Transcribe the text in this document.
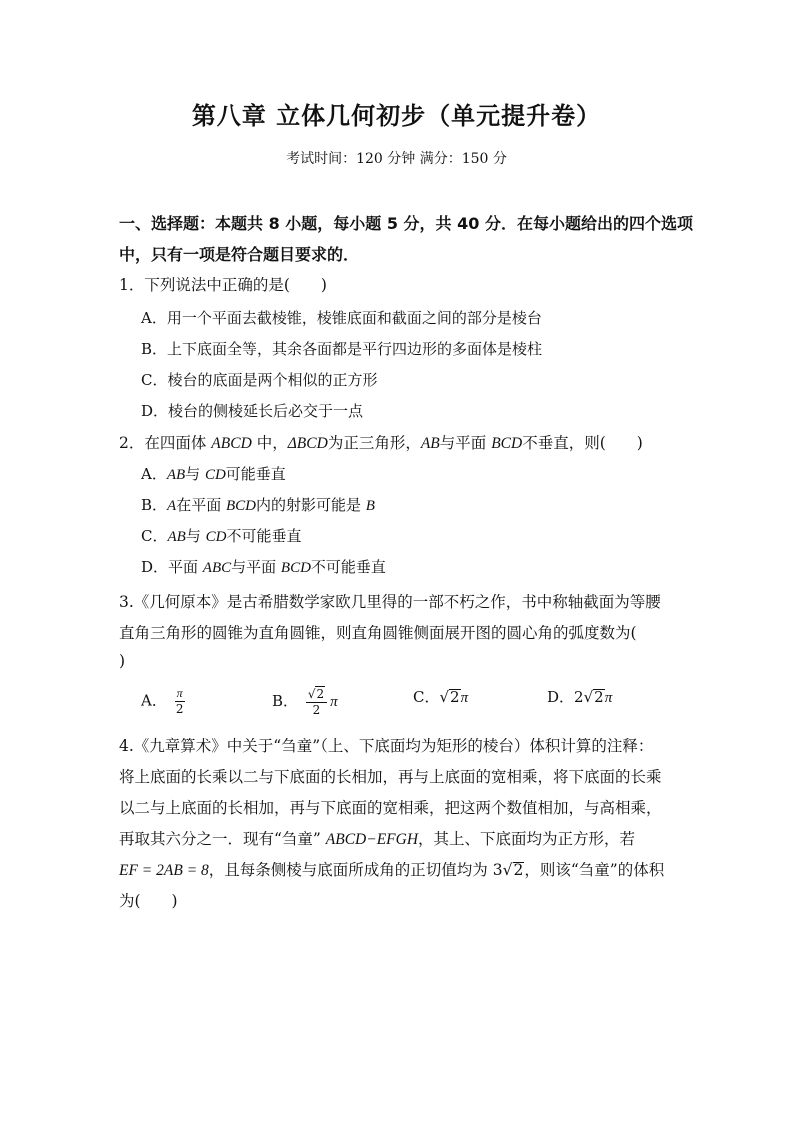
第八章 立体几何初步（单元提升卷）
考试时间：120 分钟 满分：150 分
一、选择题：本题共 8 小题，每小题 5 分，共 40 分．在每小题给出的四个选项
中，只有一项是符合题目要求的．
1．下列说法中正确的是(　　)
A．用一个平面去截棱锥，棱锥底面和截面之间的部分是棱台
B．上下底面全等，其余各面都是平行四边形的多面体是棱柱
C．棱台的底面是两个相似的正方形
D．棱台的侧棱延长后必交于一点
2．在四面体 ABCD 中，ΔBCD为正三角形，AB与平面 BCD不垂直，则(　　)
A．AB与 CD可能垂直
B．A在平面 BCD内的射影可能是 B
C．AB与 CD不可能垂直
D．平面 ABC与平面 BCD不可能垂直
3.《几何原本》是古希腊数学家欧几里得的一部不朽之作，书中称轴截面为等腰
直角三角形的圆锥为直角圆锥，则直角圆锥侧面展开图的圆心角的弧度数为(
)
A． $\frac{\pi}{2}$	B． $\frac{√2}{2}$ π	C．√2π	D．2√2π
4.《九章算术》中关于“刍童”（上、下底面均为矩形的棱台）体积计算的注释：
将上底面的长乘以二与下底面的长相加，再与上底面的宽相乘，将下底面的长乘
以二与上底面的长相加，再与下底面的宽相乘，把这两个数值相加，与高相乘，
再取其六分之一．现有“刍童” ABCD−EFGH，其上、下底面均为正方形，若
EF = 2AB = 8，且每条侧棱与底面所成角的正切值均为 3√2，则该“刍童”的体积
为(　　)
